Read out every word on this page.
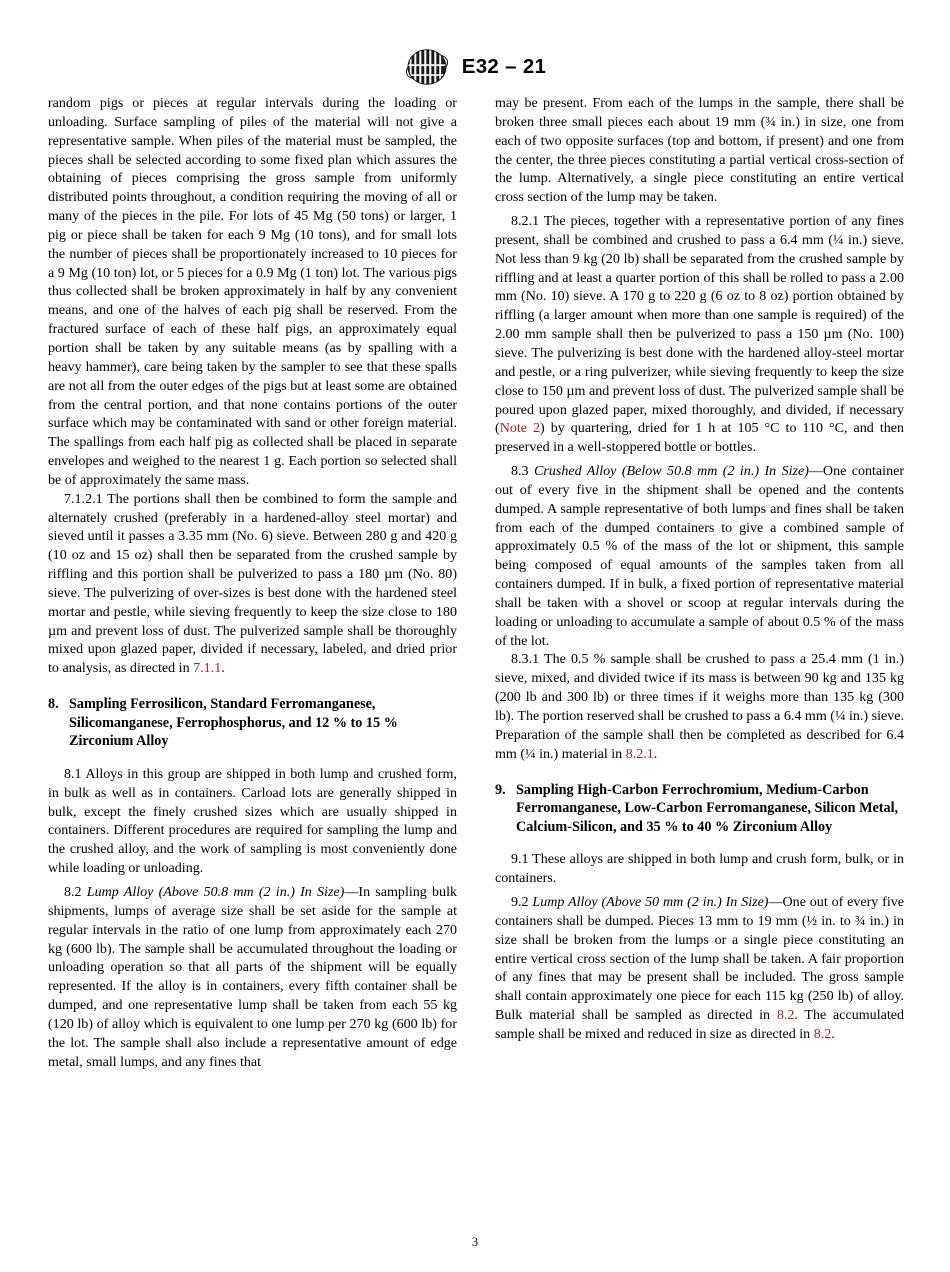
E32 – 21

random pigs or pieces at regular intervals during the loading or unloading. Surface sampling of piles of the material will not give a representative sample. When piles of the material must be sampled, the pieces shall be selected according to some fixed plan which assures the obtaining of pieces comprising the gross sample from uniformly distributed points throughout, a condition requiring the moving of all or many of the pieces in the pile. For lots of 45 Mg (50 tons) or larger, 1 pig or piece shall be taken for each 9 Mg (10 tons), and for small lots the number of pieces shall be proportionately increased to 10 pieces for a 9 Mg (10 ton) lot, or 5 pieces for a 0.9 Mg (1 ton) lot. The various pigs thus collected shall be broken approximately in half by any convenient means, and one of the halves of each pig shall be reserved. From the fractured surface of each of these half pigs, an approximately equal portion shall be taken by any suitable means (as by spalling with a heavy hammer), care being taken by the sampler to see that these spalls are not all from the outer edges of the pigs but at least some are obtained from the central portion, and that none contains portions of the outer surface which may be contaminated with sand or other foreign material. The spallings from each half pig as collected shall be placed in separate envelopes and weighed to the nearest 1 g. Each portion so selected shall be of approximately the same mass.

7.1.2.1 The portions shall then be combined to form the sample and alternately crushed (preferably in a hardened-alloy steel mortar) and sieved until it passes a 3.35 mm (No. 6) sieve. Between 280 g and 420 g (10 oz and 15 oz) shall then be separated from the crushed sample by riffling and this portion shall be pulverized to pass a 180 µm (No. 80) sieve. The pulverizing of over-sizes is best done with the hardened steel mortar and pestle, while sieving frequently to keep the size close to 180 µm and prevent loss of dust. The pulverized sample shall be thoroughly mixed upon glazed paper, divided if necessary, labeled, and dried prior to analysis, as directed in 7.1.1.

8. Sampling Ferrosilicon, Standard Ferromanganese, Silicomanganese, Ferrophosphorus, and 12 % to 15 % Zirconium Alloy

8.1 Alloys in this group are shipped in both lump and crushed form, in bulk as well as in containers. Carload lots are generally shipped in bulk, except the finely crushed sizes which are usually shipped in containers. Different procedures are required for sampling the lump and the crushed alloy, and the work of sampling is most conveniently done while loading or unloading.

8.2 Lump Alloy (Above 50.8 mm (2 in.) In Size)—In sampling bulk shipments, lumps of average size shall be set aside for the sample at regular intervals in the ratio of one lump from approximately each 270 kg (600 lb). The sample shall be accumulated throughout the loading or unloading operation so that all parts of the shipment will be equally represented. If the alloy is in containers, every fifth container shall be dumped, and one representative lump shall be taken from each 55 kg (120 lb) of alloy which is equivalent to one lump per 270 kg (600 lb) for the lot. The sample shall also include a representative amount of edge metal, small lumps, and any fines that

may be present. From each of the lumps in the sample, there shall be broken three small pieces each about 19 mm (¾ in.) in size, one from each of two opposite surfaces (top and bottom, if present) and one from the center, the three pieces constituting a partial vertical cross-section of the lump. Alternatively, a single piece constituting an entire vertical cross section of the lump may be taken.

8.2.1 The pieces, together with a representative portion of any fines present, shall be combined and crushed to pass a 6.4 mm (¼ in.) sieve. Not less than 9 kg (20 lb) shall be separated from the crushed sample by riffling and at least a quarter portion of this shall be rolled to pass a 2.00 mm (No. 10) sieve. A 170 g to 220 g (6 oz to 8 oz) portion obtained by riffling (a larger amount when more than one sample is required) of the 2.00 mm sample shall then be pulverized to pass a 150 µm (No. 100) sieve. The pulverizing is best done with the hardened alloy-steel mortar and pestle, or a ring pulverizer, while sieving frequently to keep the size close to 150 µm and prevent loss of dust. The pulverized sample shall be poured upon glazed paper, mixed thoroughly, and divided, if necessary (Note 2) by quartering, dried for 1 h at 105 °C to 110 °C, and then preserved in a well-stoppered bottle or bottles.

8.3 Crushed Alloy (Below 50.8 mm (2 in.) In Size)—One container out of every five in the shipment shall be opened and the contents dumped. A sample representative of both lumps and fines shall be taken from each of the dumped containers to give a combined sample of approximately 0.5 % of the mass of the lot or shipment, this sample being composed of equal amounts of the samples taken from all containers dumped. If in bulk, a fixed portion of representative material shall be taken with a shovel or scoop at regular intervals during the loading or unloading to accumulate a sample of about 0.5 % of the mass of the lot.

8.3.1 The 0.5 % sample shall be crushed to pass a 25.4 mm (1 in.) sieve, mixed, and divided twice if its mass is between 90 kg and 135 kg (200 lb and 300 lb) or three times if it weighs more than 135 kg (300 lb). The portion reserved shall be crushed to pass a 6.4 mm (¼ in.) sieve. Preparation of the sample shall then be completed as described for 6.4 mm (¼ in.) material in 8.2.1.

9. Sampling High-Carbon Ferrochromium, Medium-Carbon Ferromanganese, Low-Carbon Ferromanganese, Silicon Metal, Calcium-Silicon, and 35 % to 40 % Zirconium Alloy

9.1 These alloys are shipped in both lump and crush form, bulk, or in containers.

9.2 Lump Alloy (Above 50 mm (2 in.) In Size)—One out of every five containers shall be dumped. Pieces 13 mm to 19 mm (½ in. to ¾ in.) in size shall be broken from the lumps or a single piece constituting an entire vertical cross section of the lump shall be taken. A fair proportion of any fines that may be present shall be included. The gross sample shall contain approximately one piece for each 115 kg (250 lb) of alloy. Bulk material shall be sampled as directed in 8.2. The accumulated sample shall be mixed and reduced in size as directed in 8.2.

3
